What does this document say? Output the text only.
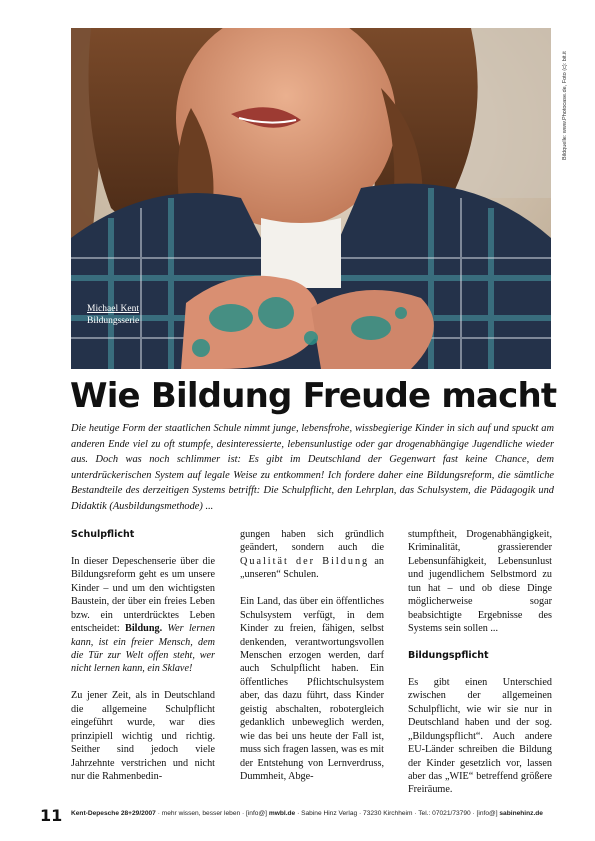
Michael Kent
Bildungsserie
Bildquelle: www.Photocase.de, Foto (c): bit.it
Wie Bildung Freude macht
Die heutige Form der staatlichen Schule nimmt junge, lebensfrohe, wissbegierige Kinder in sich auf und spuckt am anderen Ende viel zu oft stumpfe, desinteressierte, lebensunlustige oder gar drogenabhängige Jugendliche wieder aus. Doch was noch schlimmer ist: Es gibt im Deutschland der Gegenwart fast keine Chance, dem unterdrückerischen System auf legale Weise zu entkommen! Ich fordere daher eine Bildungsreform, die sämtliche Bestandteile des derzeitigen Systems betrifft: Die Schulpflicht, den Lehrplan, das Schulsystem, die Pädagogik und Didaktik (Ausbildungsmethode) ...
Schulpflicht

In dieser Depeschenserie über die Bildungsreform geht es um unsere Kinder – und um den wichtigsten Baustein, der über ein freies Leben bzw. ein unterdrücktes Leben entscheidet: Bildung. Wer lernen kann, ist ein freier Mensch, dem die Tür zur Welt offen steht, wer nicht lernen kann, ein Sklave!

Zu jener Zeit, als in Deutschland die allgemeine Schulpflicht eingeführt wurde, war dies prinzipiell wichtig und richtig. Seither sind jedoch viele Jahrzehnte verstrichen und nicht nur die Rahmenbedin-

gungen haben sich gründlich geändert, sondern auch die Qualität der Bildung an „unseren“ Schulen.

Ein Land, das über ein öffentliches Schulsystem verfügt, in dem Kinder zu freien, fähigen, selbst denkenden, verantwortungsvollen Menschen erzogen werden, darf auch Schulpflicht haben. Ein öffentliches Pflichtschulsystem aber, das dazu führt, dass Kinder geistig abschalten, robotergleich gedanklich unbeweglich werden, wie das bei uns heute der Fall ist, muss sich fragen lassen, was es mit der Entstehung von Lernverdruss, Dummheit, Abge-

stumpftheit, Drogenabhängigkeit, Kriminalität, grassierender Lebensunfähigkeit, Lebensunlust und jugendlichem Selbstmord zu tun hat – und ob diese Dinge möglicherweise sogar beabsichtigte Ergebnisse des Systems sein sollen ...

Bildungspflicht

Es gibt einen Unterschied zwischen der allgemeinen Schulpflicht, wie wir sie nur in Deutschland haben und der sog. „Bildungspflicht“. Auch andere EU-Länder schreiben die Bildung der Kinder gesetzlich vor, lassen aber das „WIE“ betreffend größere Freiräume.

11 Kent-Depesche 28+29/2007 · mehr wissen, besser leben · [info@] mwbl.de · Sabine Hinz Verlag · 73230 Kirchheim · Tel.: 07021/73790 · [info@] sabinehinz.de
